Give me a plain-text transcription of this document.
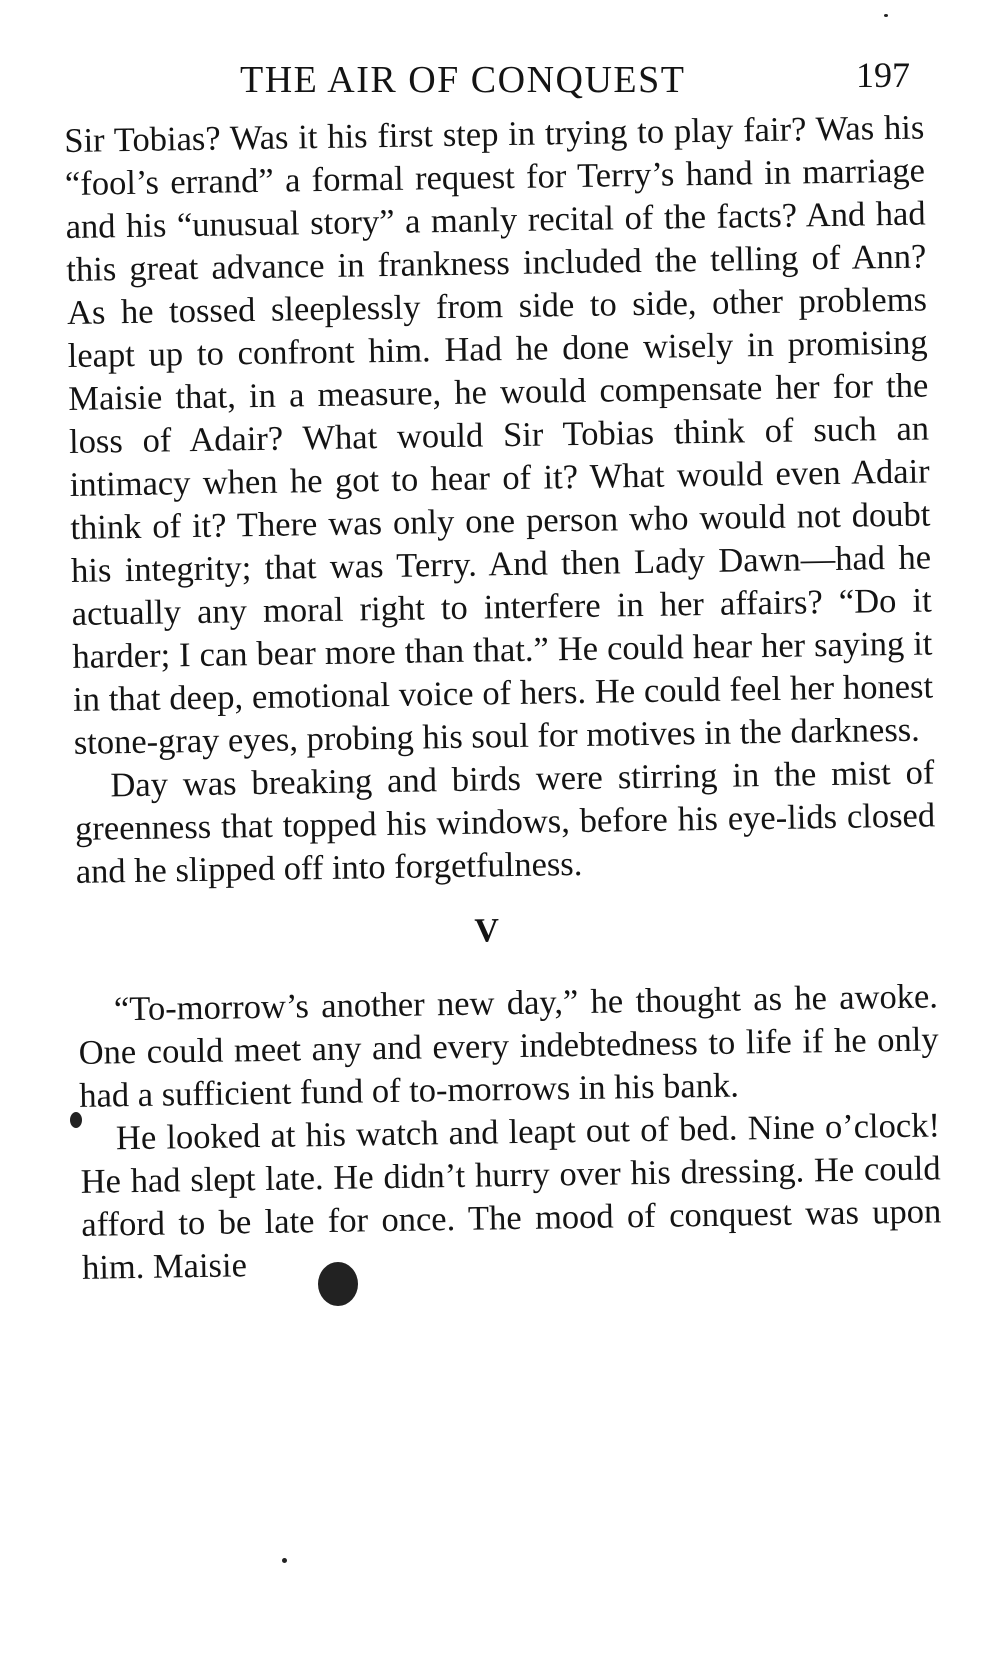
THE AIR OF CONQUEST	197

Sir Tobias? Was it his first step in trying to play fair? Was his “fool’s errand” a formal request for Terry’s hand in marriage and his “unusual story” a manly recital of the facts? And had this great advance in frankness included the telling of Ann? As he tossed sleeplessly from side to side, other problems leapt up to confront him. Had he done wisely in promising Maisie that, in a measure, he would compensate her for the loss of Adair? What would Sir Tobias think of such an intimacy when he got to hear of it? What would even Adair think of it? There was only one person who would not doubt his integrity; that was Terry. And then Lady Dawn—had he actually any moral right to interfere in her affairs? “Do it harder; I can bear more than that.” He could hear her saying it in that deep, emotional voice of hers. He could feel her honest stone-gray eyes, probing his soul for motives in the darkness.

Day was breaking and birds were stirring in the mist of greenness that topped his windows, before his eye-lids closed and he slipped off into forgetfulness.

V

“To-morrow’s another new day,” he thought as he awoke. One could meet any and every indebtedness to life if he only had a sufficient fund of to-morrows in his bank.

He looked at his watch and leapt out of bed. Nine o’clock! He had slept late. He didn’t hurry over his dressing. He could afford to be late for once. The mood of conquest was upon him. Maisie
